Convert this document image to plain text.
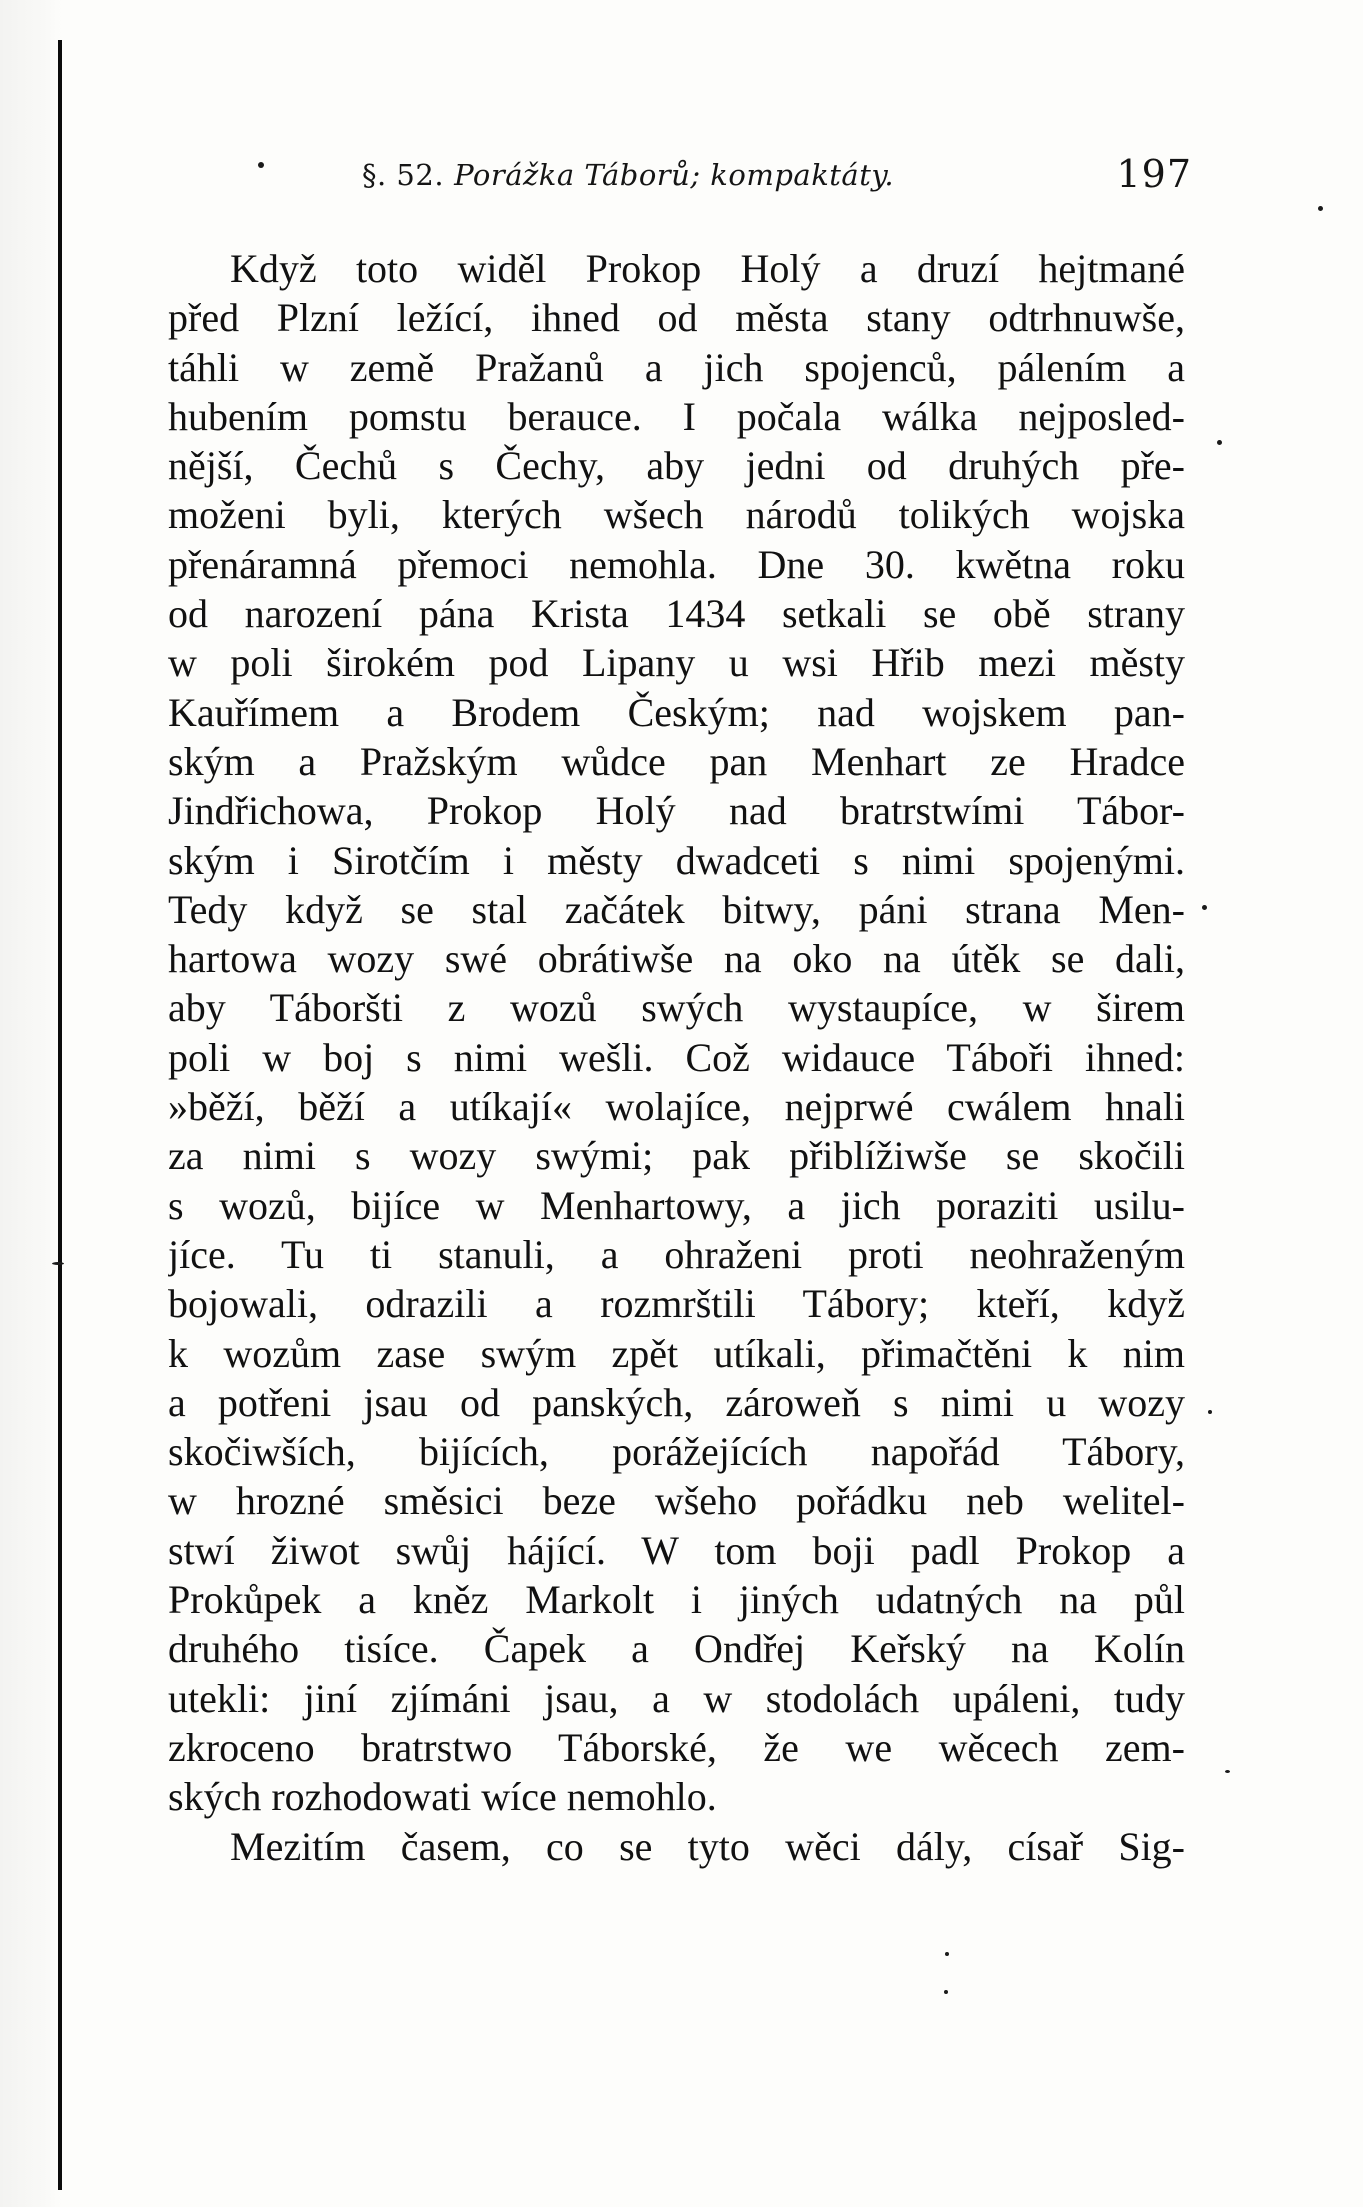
§. 52. Porážka Táborů; kompaktáty.	197
Když toto widěl Prokop Holý a druzí hejtmané
před Plzní ležící, ihned od města stany odtrhnuwše,
táhli w země Pražanů a jich spojenců, pálením a
hubením pomstu berauce. I počala wálka nejposled-
nější, Čechů s Čechy, aby jedni od druhých pře-
moženi byli, kterých wšech národů tolikých wojska
přenáramná přemoci nemohla. Dne 30. kwětna roku
od narození pána Krista 1434 setkali se obě strany
w poli širokém pod Lipany u wsi Hřib mezi městy
Kauřímem a Brodem Českým; nad wojskem pan-
ským a Pražským wůdce pan Menhart ze Hradce
Jindřichowa, Prokop Holý nad bratrstwími Tábor-
ským i Sirotčím i městy dwadceti s nimi spojenými.
Tedy když se stal začátek bitwy, páni strana Men-
hartowa wozy swé obrátiwše na oko na útěk se dali,
aby Táboršti z wozů swých wystaupíce, w širem
poli w boj s nimi wešli. Což widauce Táboři ihned:
»běží, běží a utíkají« wolajíce, nejprwé cwálem hnali
za nimi s wozy swými; pak přiblížiwše se skočili
s wozů, bijíce w Menhartowy, a jich poraziti usilu-
jíce. Tu ti stanuli, a ohraženi proti neohraženým
bojowali, odrazili a rozmrštili Tábory; kteří, když
k wozům zase swým zpět utíkali, přimačtěni k nim
a potřeni jsau od panských, zároweň s nimi u wozy
skočiwších, bijících, porážejících napořád Tábory,
w hrozné směsici beze wšeho pořádku neb welitel-
stwí žiwot swůj hájící. W tom boji padl Prokop a
Prokůpek a kněz Markolt i jiných udatných na půl
druhého tisíce. Čapek a Ondřej Keřský na Kolín
utekli: jiní zjímáni jsau, a w stodolách upáleni, tudy
zkroceno bratrstwo Táborské, že we wěcech zem-
ských rozhodowati wíce nemohlo.
Mezitím časem, co se tyto wěci dály, císař Sig-
